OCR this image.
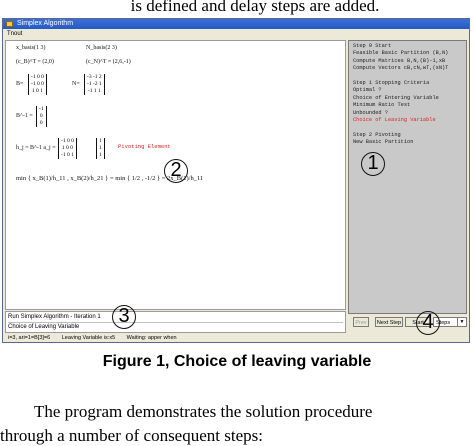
is defined and delay steps are added.
Simplex Algorithm
Tnout
x_basis(1 3)	N_basis(2 3)
(c_B)^T = (2,0)	(c_N)^T = (2,6,-1)
B=
-1 0 0
-1 0 0
1 0 1
N=
-3 -1 2
-1 -2 1
-1 1 1
B^-1 =
-1
0
0
h_j = B^-1 a_j =
-1 0 0
1 0 0
-1 0 1
1
1
1
Pivoting Element
min { x_B(1)/h_11 , x_B(2)/h_21 } = min { 1/2 , -1/2 } = 2x_B(1)/h_11
Step 0 Start
Feasible Basic Partition (B,N)
Compute Matrices B,N,(B)-1,xB
Compute Vectors cB,cN,wT,(sN)T

Step 1 Stopping Criteria
Optimal ?
Choice of Entering Variable
Minimum Ratio Test
Unbounded ?
Choice of Leaving Variable

Step 2 Pivoting
New Basic Partition
Run Simplex Algorithm - Iteration 1
Choice of Leaving Variable
i=3, ari=1=B[3]=6 Leaving Variable is:x5 Waiting: apper when
Prev	Next Step	Start	Steps	▼
1
2
3	4
Figure 1, Choice of leaving variable
The program demonstrates the solution procedure
through a number of consequent steps:
